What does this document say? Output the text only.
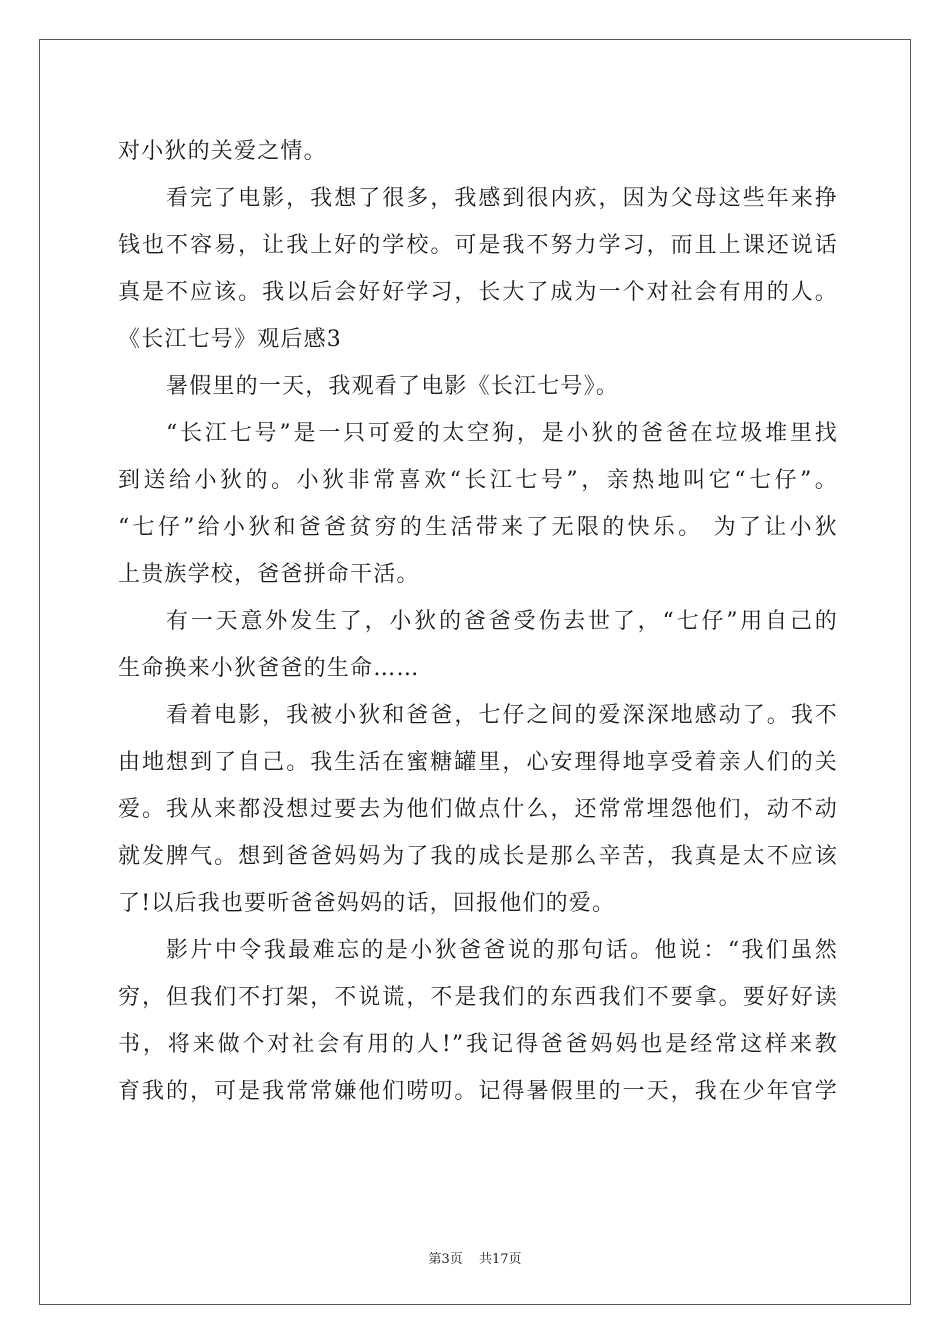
对小狄的关爱之情。
看完了电影，我想了很多，我感到很内疚，因为父母这些年来挣
钱也不容易，让我上好的学校。可是我不努力学习，而且上课还说话
真是不应该。我以后会好好学习，长大了成为一个对社会有用的人。
《长江七号》观后感3
暑假里的一天，我观看了电影《长江七号》。
“长江七号”是一只可爱的太空狗，是小狄的爸爸在垃圾堆里找
到送给小狄的。小狄非常喜欢“长江七号”，亲热地叫它“七仔”。
“七仔”给小狄和爸爸贫穷的生活带来了无限的快乐。 为了让小狄
上贵族学校，爸爸拼命干活。
有一天意外发生了，小狄的爸爸受伤去世了，“七仔”用自己的
生命换来小狄爸爸的生命……
看着电影，我被小狄和爸爸，七仔之间的爱深深地感动了。我不
由地想到了自己。我生活在蜜糖罐里，心安理得地享受着亲人们的关
爱。我从来都没想过要去为他们做点什么，还常常埋怨他们，动不动
就发脾气。想到爸爸妈妈为了我的成长是那么辛苦，我真是太不应该
了!以后我也要听爸爸妈妈的话，回报他们的爱。
影片中令我最难忘的是小狄爸爸说的那句话。他说：“我们虽然
穷，但我们不打架，不说谎，不是我们的东西我们不要拿。要好好读
书，将来做个对社会有用的人!”我记得爸爸妈妈也是经常这样来教
育我的，可是我常常嫌他们唠叨。记得暑假里的一天，我在少年官学
第3页 共17页
